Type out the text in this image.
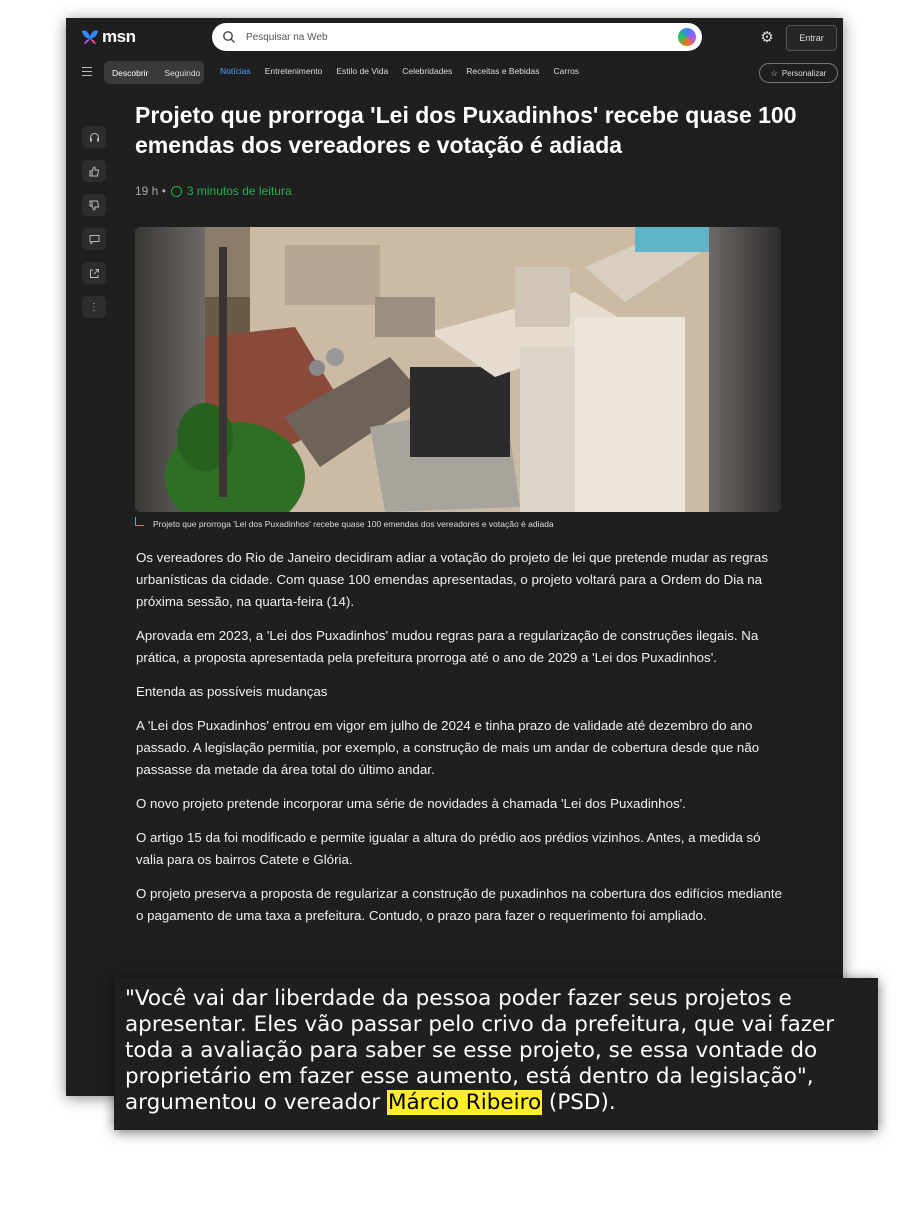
msn
Pesquisar na Web	⚙	Entrar
Descobrir	Seguindo	Notícias Entretenimento Estilo de Vida Celebridades Receitas e Bebidas Carros	☆ Personalizar
⋮
Projeto que prorroga 'Lei dos Puxadinhos' recebe quase 100 emendas dos vereadores e votação é adiada
19 h • 3 minutos de leitura
Projeto que prorroga 'Lei dos Puxadinhos' recebe quase 100 emendas dos vereadores e votação é adiada

Os vereadores do Rio de Janeiro decidiram adiar a votação do projeto de lei que pretende mudar as regras urbanísticas da cidade. Com quase 100 emendas apresentadas, o projeto voltará para a Ordem do Dia na próxima sessão, na quarta-feira (14).

Aprovada em 2023, a 'Lei dos Puxadinhos' mudou regras para a regularização de construções ilegais. Na prática, a proposta apresentada pela prefeitura prorroga até o ano de 2029 a 'Lei dos Puxadinhos'.

Entenda as possíveis mudanças

A 'Lei dos Puxadinhos' entrou em vigor em julho de 2024 e tinha prazo de validade até dezembro do ano passado. A legislação permitia, por exemplo, a construção de mais um andar de cobertura desde que não passasse da metade da área total do último andar.

O novo projeto pretende incorporar uma série de novidades à chamada 'Lei dos Puxadinhos'.

O artigo 15 da foi modificado e permite igualar a altura do prédio aos prédios vizinhos. Antes, a medida só valia para os bairros Catete e Glória.

O projeto preserva a proposta de regularizar a construção de puxadinhos na cobertura dos edifícios mediante o pagamento de uma taxa a prefeitura. Contudo, o prazo para fazer o requerimento foi ampliado.

"Você vai dar liberdade da pessoa poder fazer seus projetos e apresentar. Eles vão passar pelo crivo da prefeitura, que vai fazer toda a avaliação para saber se esse projeto, se essa vontade do proprietário em fazer esse aumento, está dentro da legislação", argumentou o vereador Márcio Ribeiro (PSD).
